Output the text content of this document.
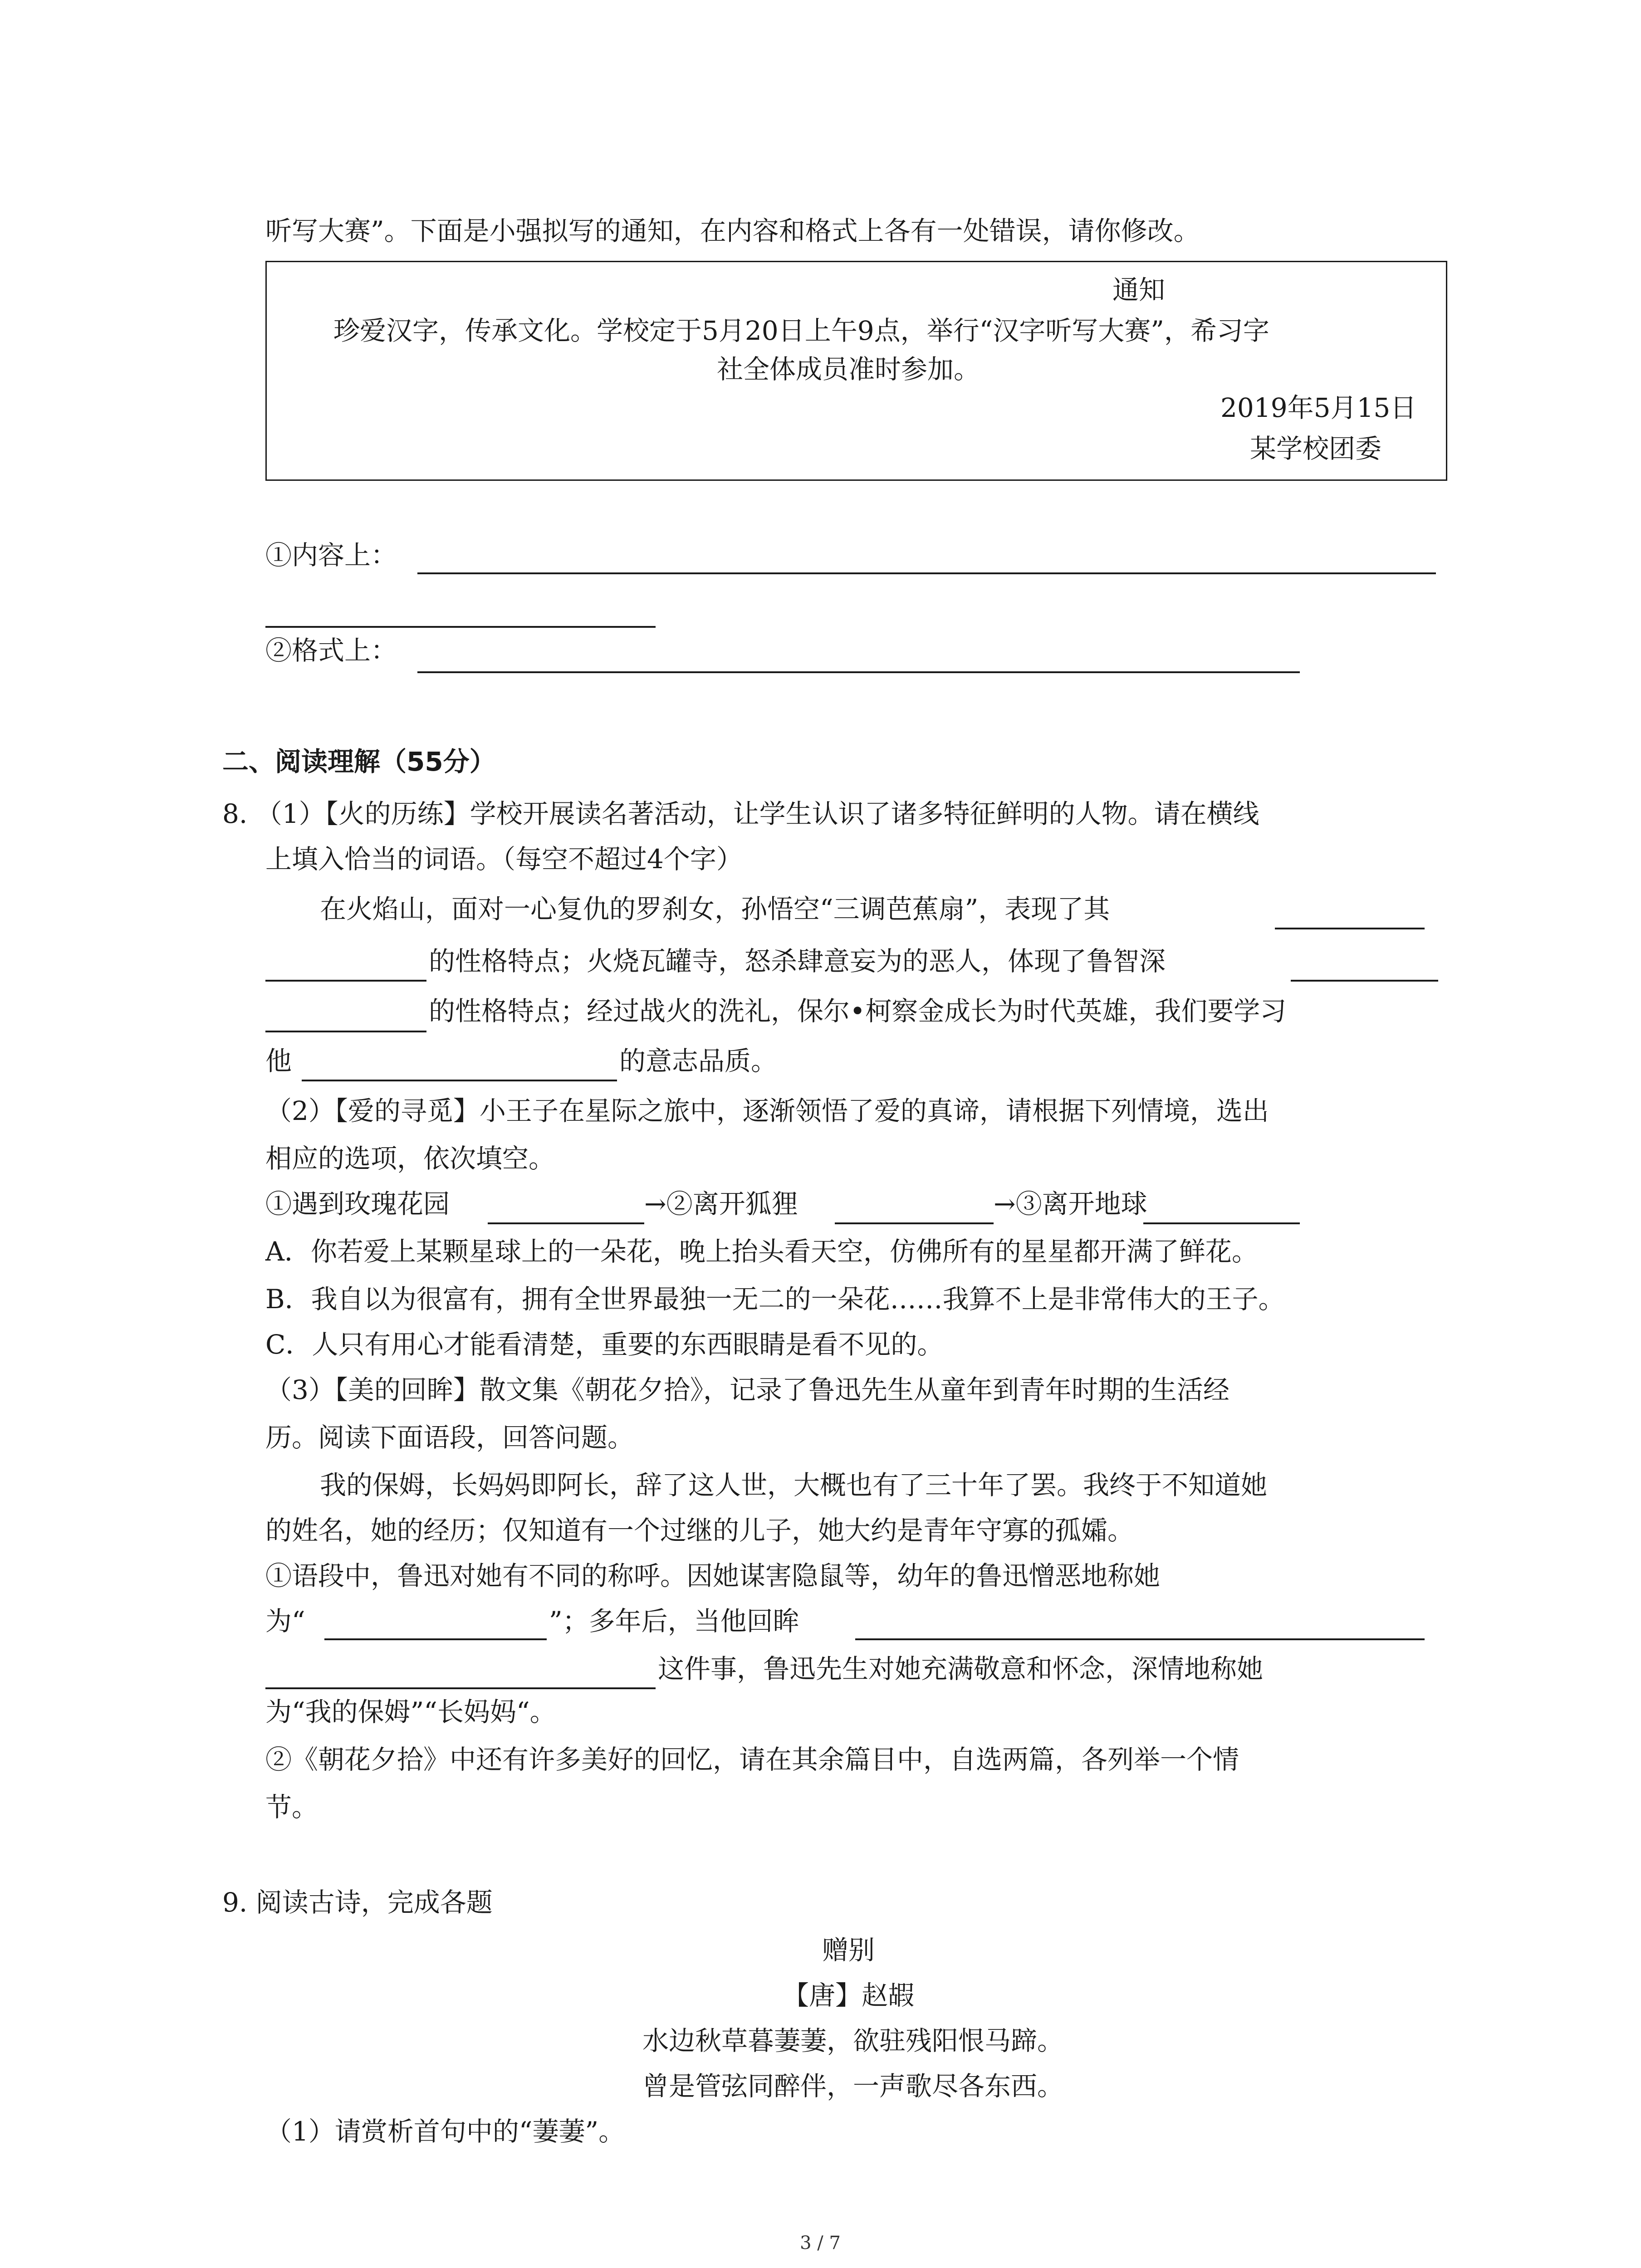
听写大赛”。下面是小强拟写的通知，在内容和格式上各有一处错误，请你修改。
通知
珍爱汉字，传承文化。学校定于5月20日上午9点，举行“汉字听写大赛”，希习字
社全体成员准时参加。
2019年5月15日
某学校团委
①内容上：
②格式上：
二、阅读理解（55分）
8. （1）【火的历练】学校开展读名著活动，让学生认识了诸多特征鲜明的人物。请在横线
上填入恰当的词语。（每空不超过4个字）
在火焰山，面对一心复仇的罗刹女，孙悟空“三调芭蕉扇”，表现了其
的性格特点；火烧瓦罐寺，怒杀肆意妄为的恶人，体现了鲁智深
的性格特点；经过战火的洗礼，保尔•柯察金成长为时代英雄，我们要学习
他	的意志品质。
（2）【爱的寻觅】小王子在星际之旅中，逐渐领悟了爱的真谛，请根据下列情境，选出
相应的选项，依次填空。
①遇到玫瑰花园	→②离开狐狸	→③离开地球
A．你若爱上某颗星球上的一朵花，晚上抬头看天空，仿佛所有的星星都开满了鲜花。
B．我自以为很富有，拥有全世界最独一无二的一朵花……我算不上是非常伟大的王子。
C．人只有用心才能看清楚，重要的东西眼睛是看不见的。
（3）【美的回眸】散文集《朝花夕拾》，记录了鲁迅先生从童年到青年时期的生活经
历。阅读下面语段，回答问题。
我的保姆，长妈妈即阿长，辞了这人世，大概也有了三十年了罢。我终于不知道她
的姓名，她的经历；仅知道有一个过继的儿子，她大约是青年守寡的孤孀。
①语段中，鲁迅对她有不同的称呼。因她谋害隐鼠等，幼年的鲁迅憎恶地称她
为“	”；多年后，当他回眸
这件事，鲁迅先生对她充满敬意和怀念，深情地称她
为“我的保姆”“长妈妈“。
②《朝花夕拾》中还有许多美好的回忆，请在其余篇目中，自选两篇，各列举一个情
节。
9. 阅读古诗，完成各题
赠别
【唐】赵嘏
水边秋草暮萋萋，欲驻残阳恨马蹄。
曾是管弦同醉伴，一声歌尽各东西。
（1）请赏析首句中的“萋萋”。
3 / 7
